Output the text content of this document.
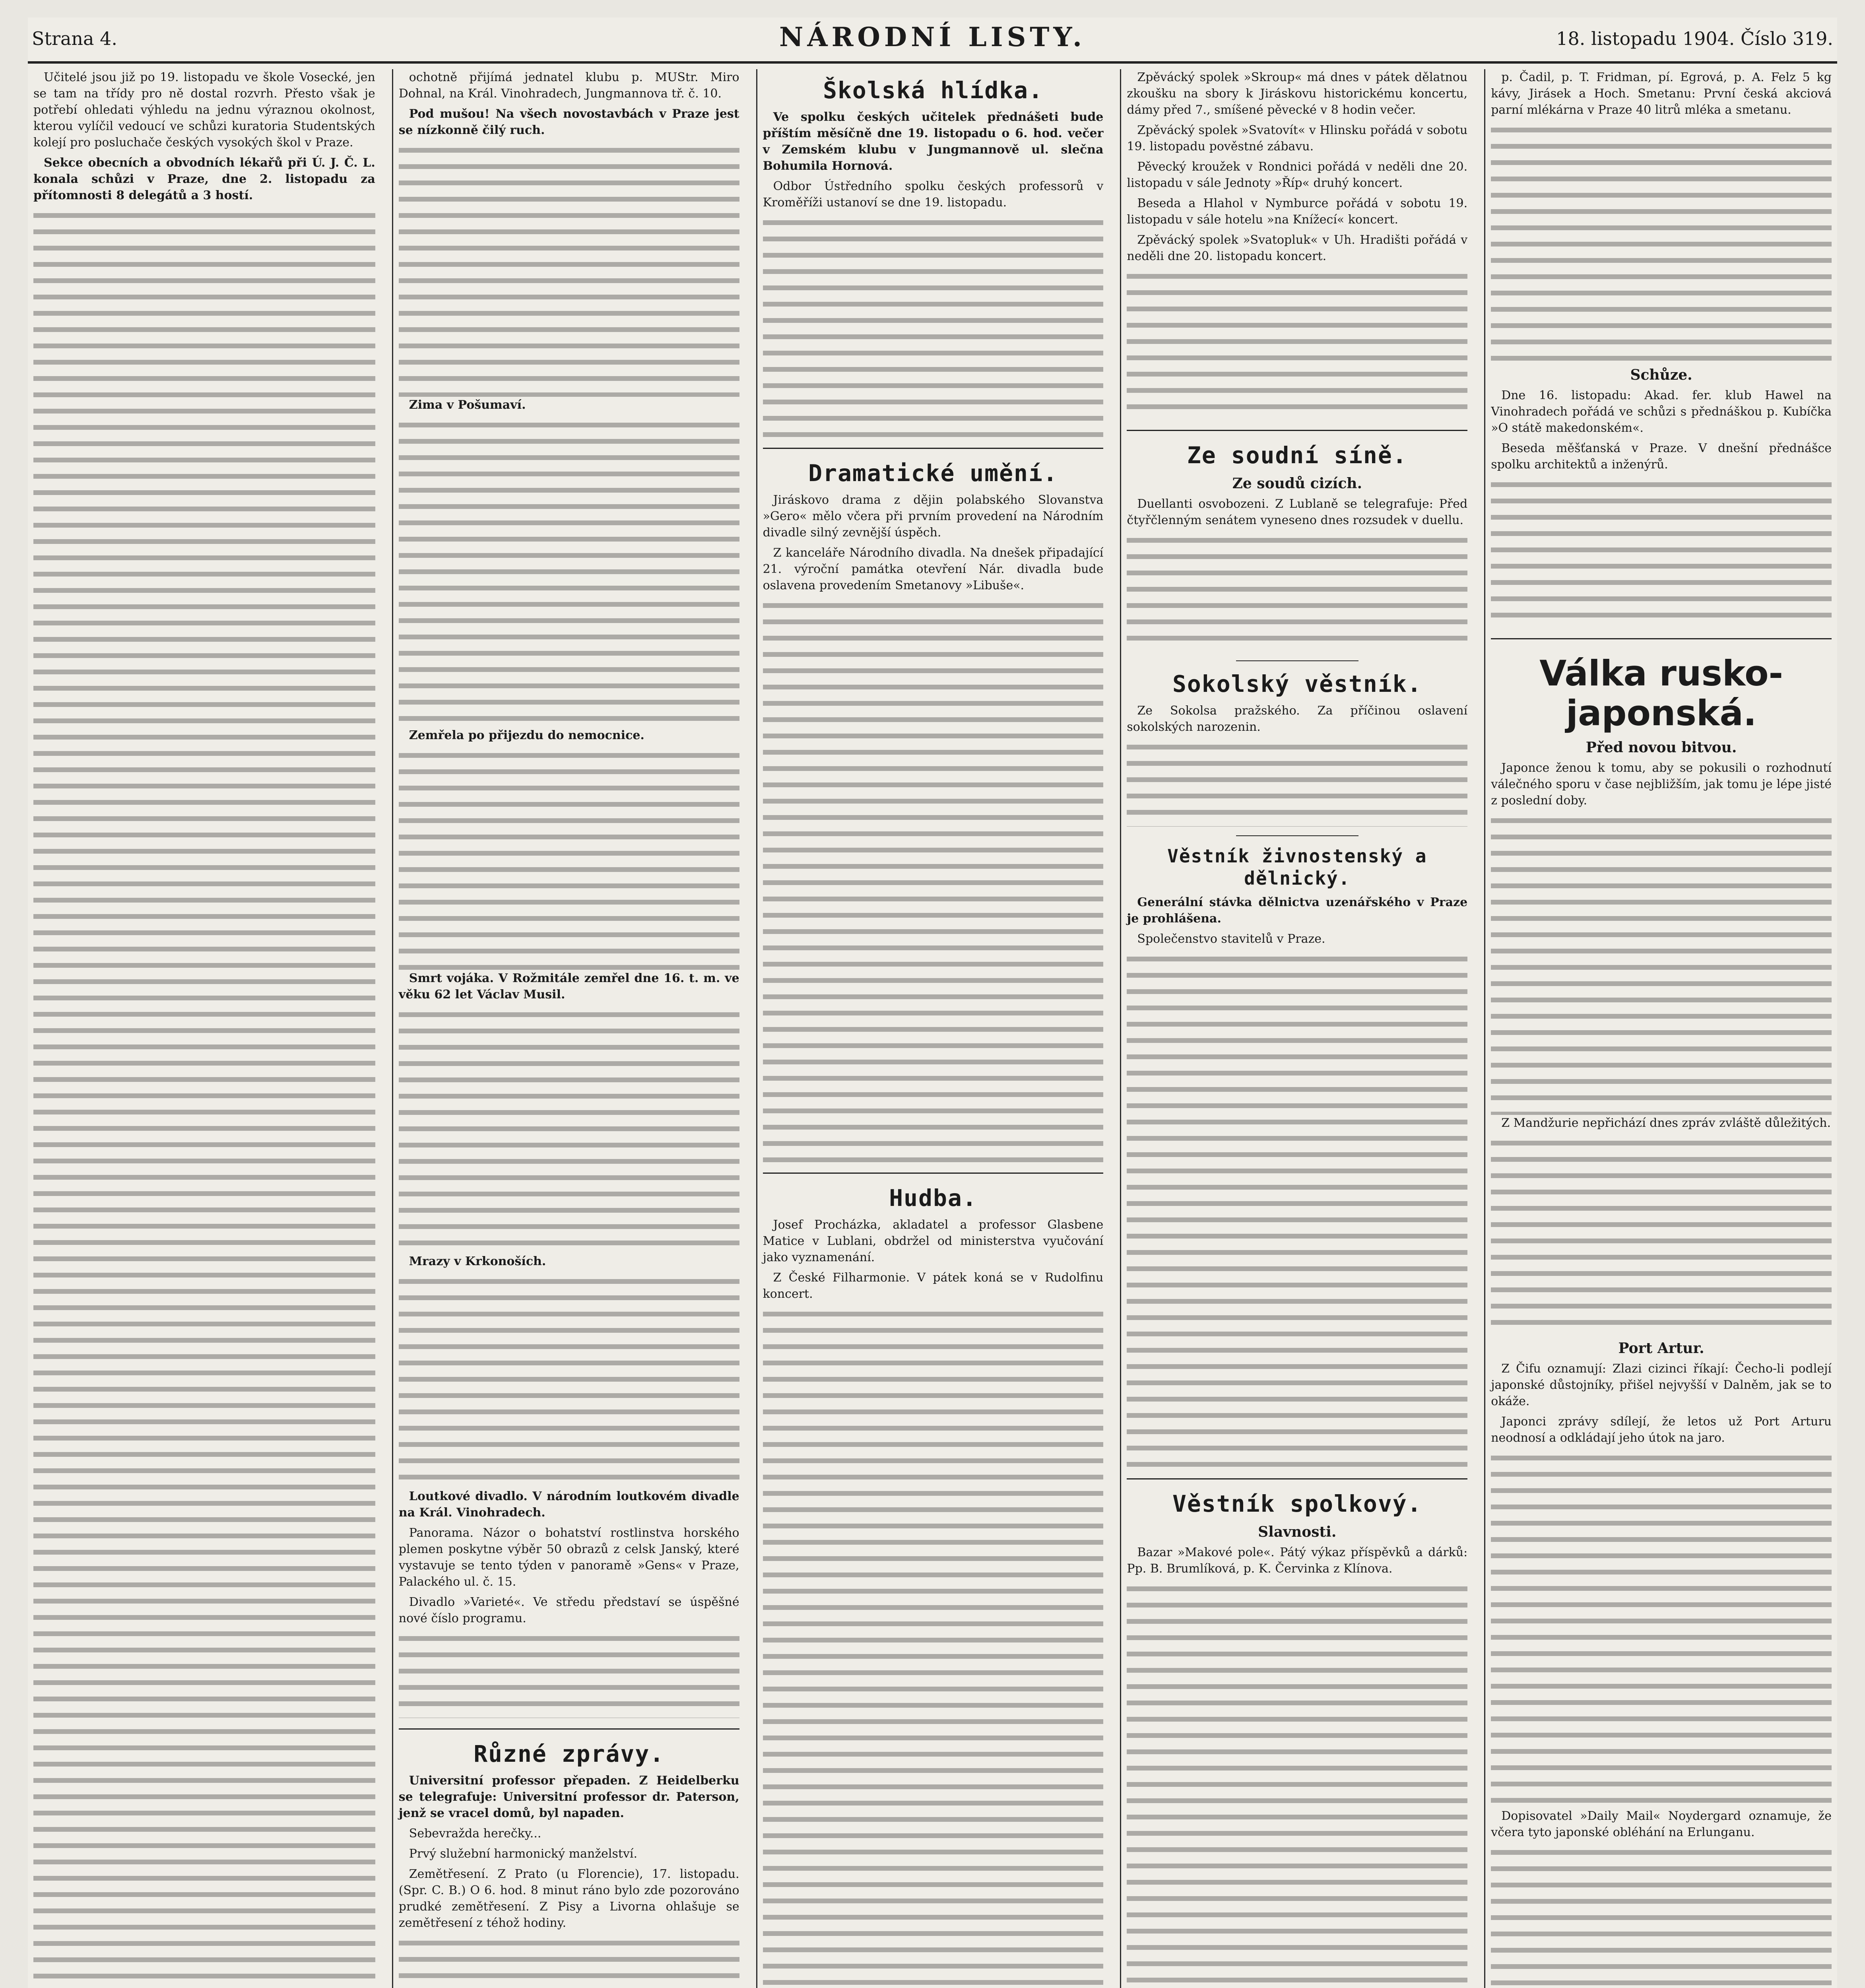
Strana 4.	NÁRODNÍ LISTY.	18. listopadu 1904. Číslo 319.

Učitelé jsou již po 19. listopadu ve škole Vosecké, jen se tam na třídy pro ně dostal rozvrh. Přesto však je potřebí ohledati výhledu na jednu výraznou okolnost, kterou vylíčil vedoucí ve schůzi kuratoria Studentských kolejí pro posluchače českých vysokých škol v Praze.

Sekce obecních a obvodních lékařů při Ú. J. Č. L. konala schůzi v Praze, dne 2. listopadu za přítomnosti 8 delegátů a 3 hostí.

ochotně přijímá jednatel klubu p. MUStr. Miro Dohnal, na Král. Vinohradech, Jungmannova tř. č. 10.

Pod mušou! Na všech novostavbách v Praze jest se nízkonně čilý ruch.

Zima v Pošumaví.

Zemřela po přijezdu do nemocnice.

Smrt vojáka. V Rožmitále zemřel dne 16. t. m. ve věku 62 let Václav Musil.

Mrazy v Krkonoších.

Loutkové divadlo. V národním loutkovém divadle na Král. Vinohradech.

Panorama. Názor o bohatství rostlinstva horského plemen poskytne výběr 50 obrazů z celsk Janský, které vystavuje se tento týden v panoramě »Gens« v Praze, Palackého ul. č. 15.

Divadlo »Varieté«. Ve středu představí se úspěšné nové číslo programu.

Různé zprávy.

Universitní professor přepaden. Z Heidelberku se telegrafuje: Universitní professor dr. Paterson, jenž se vracel domů, byl napaden.

Sebevražda herečky...

Prvý služební harmonický manželství.

Zemětřesení. Z Prato (u Florencie), 17. listopadu. (Spr. C. B.) O 6. hod. 8 minut ráno bylo zde pozorováno prudké zemětřesení. Z Pisy a Livorna ohlašuje se zemětřesení z téhož hodiny.

Školská hlídka.

Ve spolku českých učitelek přednášeti bude příštím měsíčně dne 19. listopadu o 6. hod. večer v Zemském klubu v Jungmannově ul. slečna Bohumila Hornová.

Odbor Ústředního spolku českých professorů v Kroměříži ustanoví se dne 19. listopadu.

Dramatické umění.

Jiráskovo drama z dějin polabského Slovanstva »Gero« mělo včera při prvním provedení na Národním divadle silný zevnější úspěch.

Z kanceláře Národního divadla. Na dnešek připadající 21. výroční památka otevření Nár. divadla bude oslavena provedením Smetanovy »Libuše«.

Hudba.

Josef Procházka, akladatel a professor Glasbene Matice v Lublani, obdržel od ministerstva vyučování jako vyznamenání.

Z České Filharmonie. V pátek koná se v Rudolfinu koncert.

Zpěvácký spolek »Skroup« má dnes v pátek dělatnou zkoušku na sbory k Jiráskovu historickému koncertu, dámy před 7., smíšené pěvecké v 8 hodin večer.

Zpěvácký spolek »Svatovít« v Hlinsku pořádá v sobotu 19. listopadu pověstné zábavu.

Pěvecký kroužek v Rondnici pořádá v neděli dne 20. listopadu v sále Jednoty »Říp« druhý koncert.

Beseda a Hlahol v Nymburce pořádá v sobotu 19. listopadu v sále hotelu »na Knížecí« koncert.

Zpěvácký spolek »Svatopluk« v Uh. Hradišti pořádá v neděli dne 20. listopadu koncert.

Ze soudní síně.
Ze soudů cizích.

Duellanti osvobozeni. Z Lublaně se telegrafuje: Před čtyřčlenným senátem vyneseno dnes rozsudek v duellu.

Sokolský věstník.

Ze Sokolsa pražského. Za příčinou oslavení sokolských narozenin.

Věstník živnostenský a dělnický.

Generální stávka dělnictva uzenářského v Praze je prohlášena.

Společenstvo stavitelů v Praze.

Věstník spolkový.
Slavnosti.

Bazar »Makové pole«. Pátý výkaz příspěvků a dárků: Pp. B. Brumlíková, p. K. Červinka z Klínova.

p. Čadil, p. T. Fridman, pí. Egrová, p. A. Felz 5 kg kávy, Jirásek a Hoch. Smetanu: První česká akciová parní mlékárna v Praze 40 litrů mléka a smetanu.

Schůze.

Dne 16. listopadu: Akad. fer. klub Hawel na Vinohradech pořádá ve schůzi s přednáškou p. Kubíčka »O státě makedonském«.

Beseda měšťanská v Praze. V dnešní přednášce spolku architektů a inženýrů.

Válka rusko-japonská.
Před novou bitvou.

Japonce ženou k tomu, aby se pokusili o rozhodnutí válečného sporu v čase nejbližším, jak tomu je lépe jisté z poslední doby.

Z Mandžurie nepřichází dnes zpráv zvláště důležitých.

Port Artur.

Z Čifu oznamují: Zlazi cizinci říkají: Čecho-li podlejí japonské důstojníky, přišel nejvyšší v Dalněm, jak se to okáže.

Japonci zprávy sdílejí, že letos už Port Arturu neodnosí a odkládají jeho útok na jaro.

Dopisovatel »Daily Mail« Noydergard oznamuje, že včera tyto japonské obléhání na Erlunganu.
